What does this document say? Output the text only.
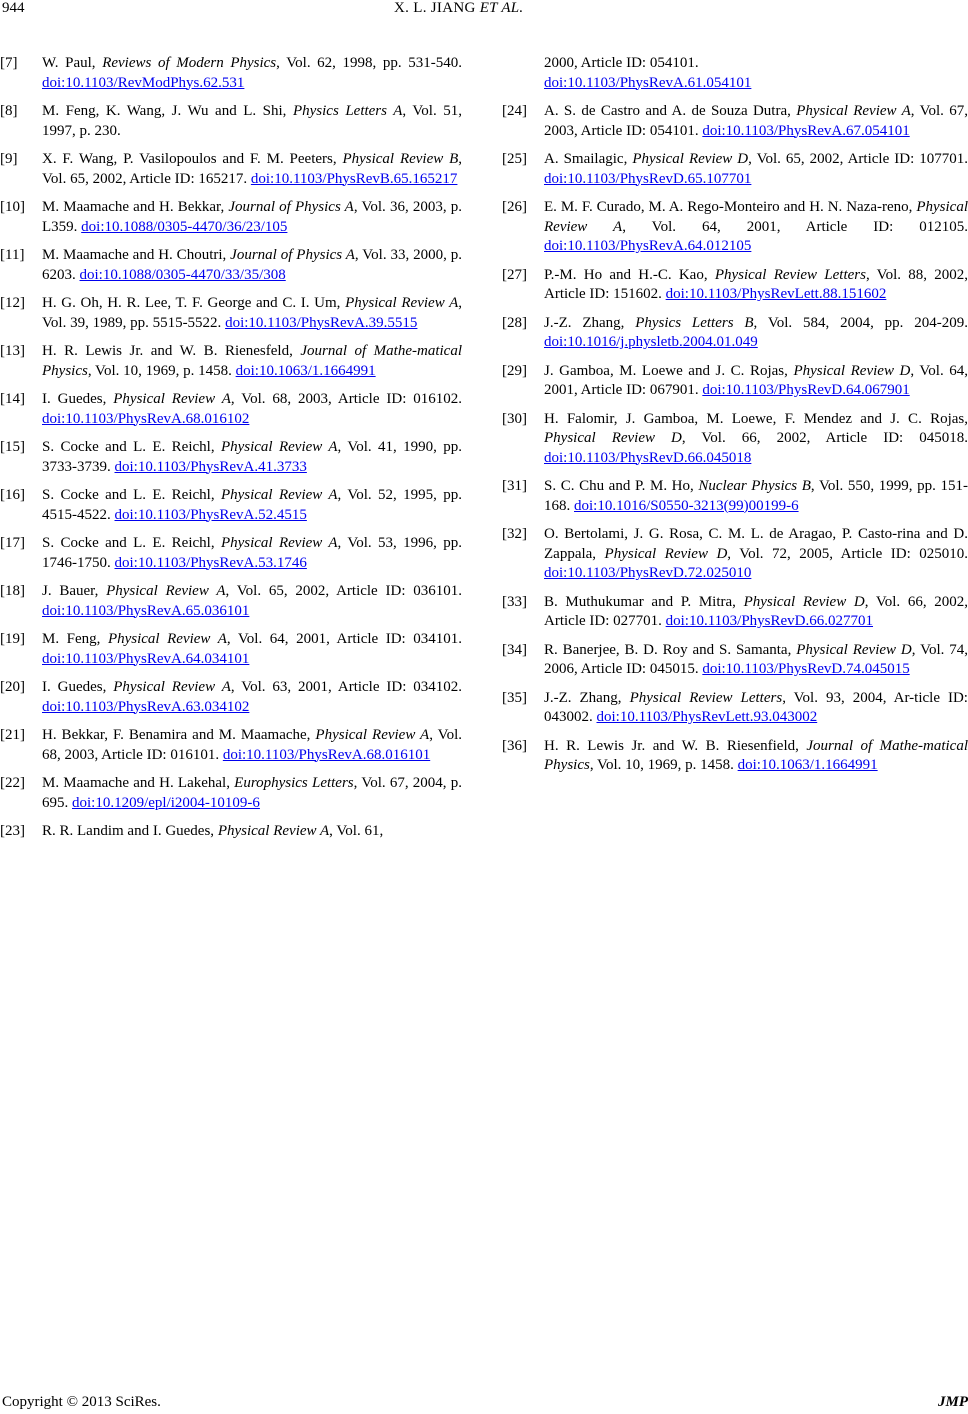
944	X. L. JIANG ET AL.
[7]	W. Paul, Reviews of Modern Physics, Vol. 62, 1998, pp. 531-540. doi:10.1103/RevModPhys.62.531
[8]	M. Feng, K. Wang, J. Wu and L. Shi, Physics Letters A, Vol. 51, 1997, p. 230.
[9]	X. F. Wang, P. Vasilopoulos and F. M. Peeters, Physical Review B, Vol. 65, 2002, Article ID: 165217. doi:10.1103/PhysRevB.65.165217
[10]	M. Maamache and H. Bekkar, Journal of Physics A, Vol. 36, 2003, p. L359. doi:10.1088/0305-4470/36/23/105
[11]	M. Maamache and H. Choutri, Journal of Physics A, Vol. 33, 2000, p. 6203. doi:10.1088/0305-4470/33/35/308
[12]	H. G. Oh, H. R. Lee, T. F. George and C. I. Um, Physical Review A, Vol. 39, 1989, pp. 5515-5522. doi:10.1103/PhysRevA.39.5515
[13]	H. R. Lewis Jr. and W. B. Rienesfeld, Journal of Mathe-matical Physics, Vol. 10, 1969, p. 1458. doi:10.1063/1.1664991
[14]	I. Guedes, Physical Review A, Vol. 68, 2003, Article ID: 016102. doi:10.1103/PhysRevA.68.016102
[15]	S. Cocke and L. E. Reichl, Physical Review A, Vol. 41, 1990, pp. 3733-3739. doi:10.1103/PhysRevA.41.3733
[16]	S. Cocke and L. E. Reichl, Physical Review A, Vol. 52, 1995, pp. 4515-4522. doi:10.1103/PhysRevA.52.4515
[17]	S. Cocke and L. E. Reichl, Physical Review A, Vol. 53, 1996, pp. 1746-1750. doi:10.1103/PhysRevA.53.1746
[18]	J. Bauer, Physical Review A, Vol. 65, 2002, Article ID: 036101. doi:10.1103/PhysRevA.65.036101
[19]	M. Feng, Physical Review A, Vol. 64, 2001, Article ID: 034101. doi:10.1103/PhysRevA.64.034101
[20]	I. Guedes, Physical Review A, Vol. 63, 2001, Article ID: 034102. doi:10.1103/PhysRevA.63.034102
[21]	H. Bekkar, F. Benamira and M. Maamache, Physical Review A, Vol. 68, 2003, Article ID: 016101. doi:10.1103/PhysRevA.68.016101
[22]	M. Maamache and H. Lakehal, Europhysics Letters, Vol. 67, 2004, p. 695. doi:10.1209/epl/i2004-10109-6
[23]	R. R. Landim and I. Guedes, Physical Review A, Vol. 61,
2000, Article ID: 054101.
doi:10.1103/PhysRevA.61.054101
[24]	A. S. de Castro and A. de Souza Dutra, Physical Review A, Vol. 67, 2003, Article ID: 054101. doi:10.1103/PhysRevA.67.054101
[25]	A. Smailagic, Physical Review D, Vol. 65, 2002, Article ID: 107701. doi:10.1103/PhysRevD.65.107701
[26]	E. M. F. Curado, M. A. Rego-Monteiro and H. N. Naza-reno, Physical Review A, Vol. 64, 2001, Article ID: 012105. doi:10.1103/PhysRevA.64.012105
[27]	P.-M. Ho and H.-C. Kao, Physical Review Letters, Vol. 88, 2002, Article ID: 151602. doi:10.1103/PhysRevLett.88.151602
[28]	J.-Z. Zhang, Physics Letters B, Vol. 584, 2004, pp. 204-209. doi:10.1016/j.physletb.2004.01.049
[29]	J. Gamboa, M. Loewe and J. C. Rojas, Physical Review D, Vol. 64, 2001, Article ID: 067901. doi:10.1103/PhysRevD.64.067901
[30]	H. Falomir, J. Gamboa, M. Loewe, F. Mendez and J. C. Rojas, Physical Review D, Vol. 66, 2002, Article ID: 045018. doi:10.1103/PhysRevD.66.045018
[31]	S. C. Chu and P. M. Ho, Nuclear Physics B, Vol. 550, 1999, pp. 151-168. doi:10.1016/S0550-3213(99)00199-6
[32]	O. Bertolami, J. G. Rosa, C. M. L. de Aragao, P. Casto-rina and D. Zappala, Physical Review D, Vol. 72, 2005, Article ID: 025010. doi:10.1103/PhysRevD.72.025010
[33]	B. Muthukumar and P. Mitra, Physical Review D, Vol. 66, 2002, Article ID: 027701. doi:10.1103/PhysRevD.66.027701
[34]	R. Banerjee, B. D. Roy and S. Samanta, Physical Review D, Vol. 74, 2006, Article ID: 045015. doi:10.1103/PhysRevD.74.045015
[35]	J.-Z. Zhang, Physical Review Letters, Vol. 93, 2004, Ar-ticle ID: 043002. doi:10.1103/PhysRevLett.93.043002
[36]	H. R. Lewis Jr. and W. B. Riesenfield, Journal of Mathe-matical Physics, Vol. 10, 1969, p. 1458. doi:10.1063/1.1664991
Copyright © 2013 SciRes.	JMP
